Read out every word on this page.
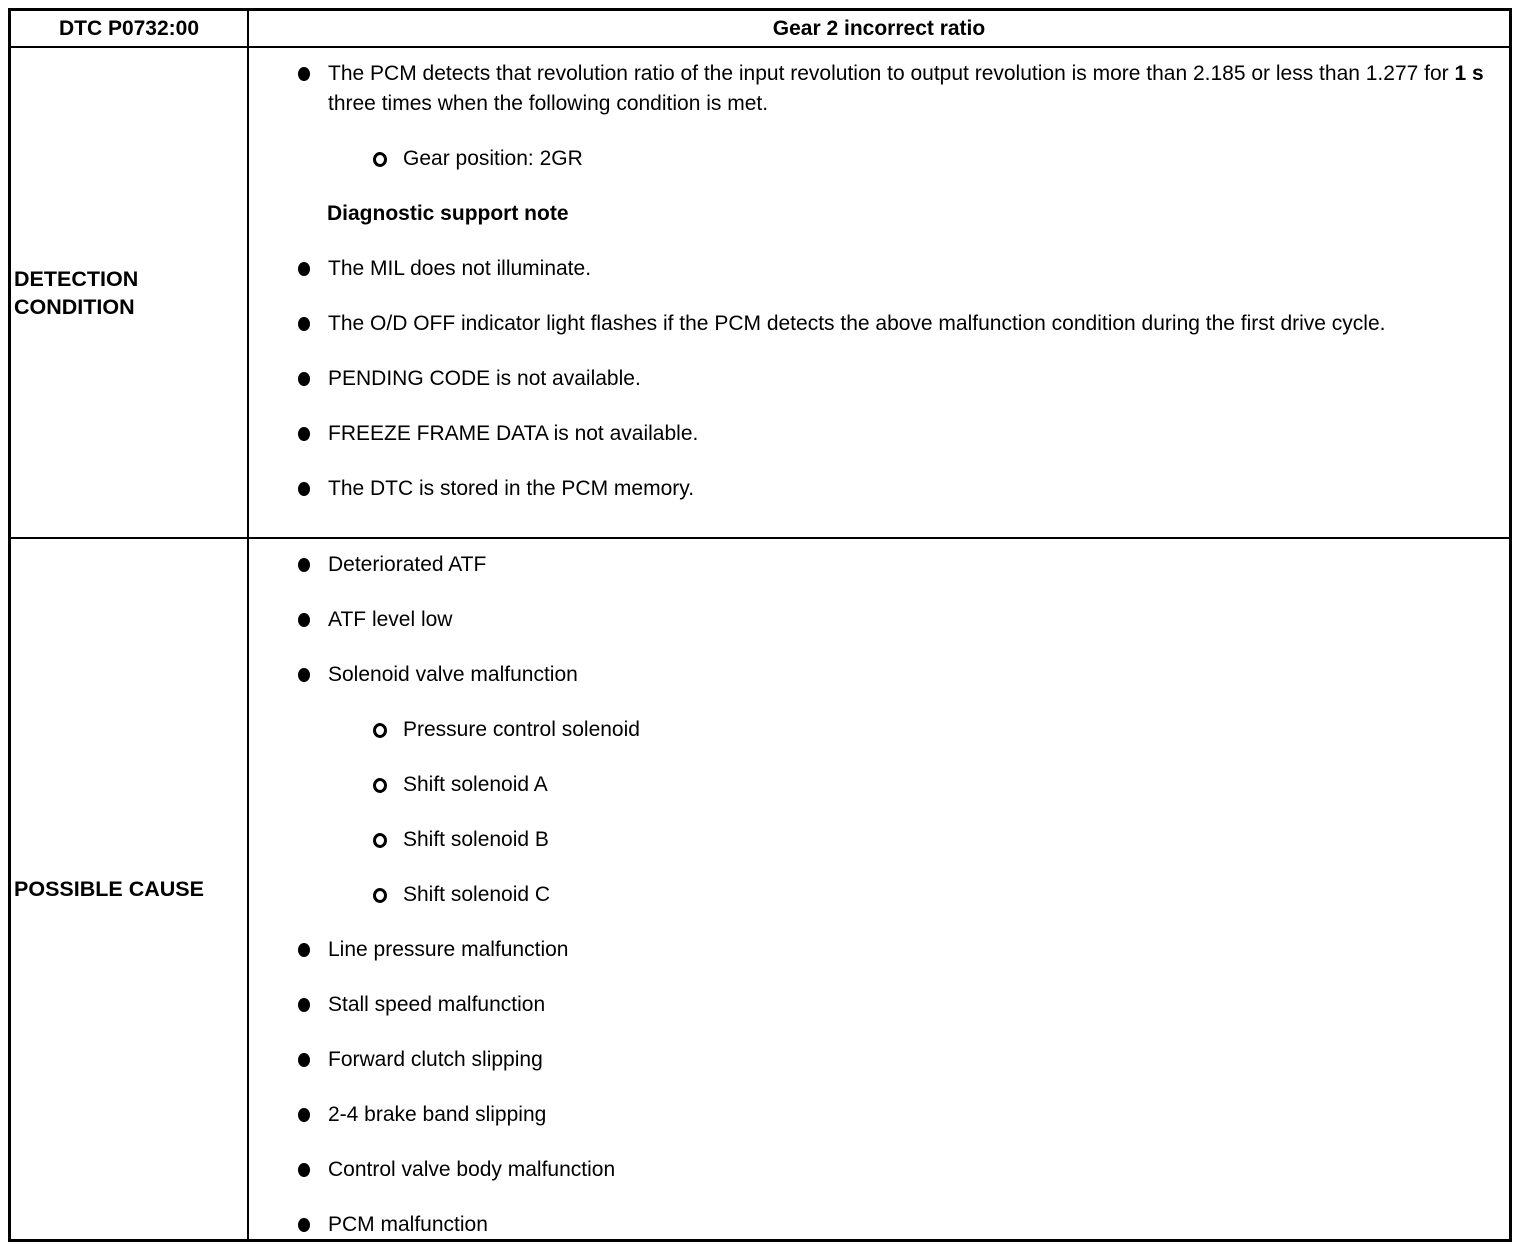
DTC P0732:00	Gear 2 incorrect ratio
DETECTION CONDITION
The PCM detects that revolution ratio of the input revolution to output revolution is more than 2.185 or less than 1.277 for 1 s three times when the following condition is met.
Gear position: 2GR
Diagnostic support note
The MIL does not illuminate.
The O/D OFF indicator light flashes if the PCM detects the above malfunction condition during the first drive cycle.
PENDING CODE is not available.
FREEZE FRAME DATA is not available.
The DTC is stored in the PCM memory.
POSSIBLE CAUSE
Deteriorated ATF
ATF level low
Solenoid valve malfunction
Pressure control solenoid
Shift solenoid A
Shift solenoid B
Shift solenoid C
Line pressure malfunction
Stall speed malfunction
Forward clutch slipping
2-4 brake band slipping
Control valve body malfunction
PCM malfunction
